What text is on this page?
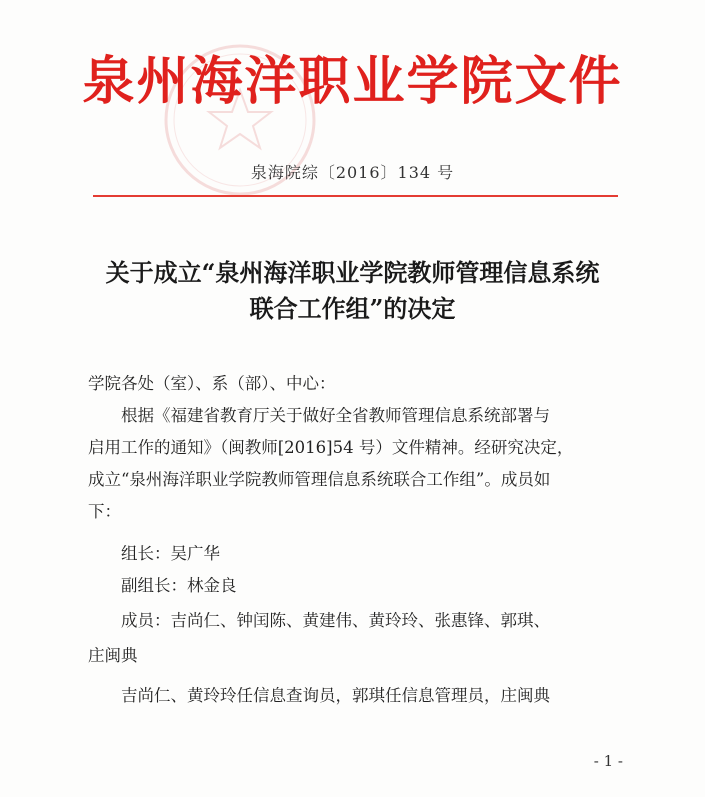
泉州海洋职业学院文件
泉海院综〔2016〕134 号
关于成立“泉州海洋职业学院教师管理信息系统
联合工作组”的决定
学院各处（室）、系（部）、中心：
根据《福建省教育厅关于做好全省教师管理信息系统部署与
启用工作的通知》（闽教师[2016]54 号）文件精神。经研究决定，
成立“泉州海洋职业学院教师管理信息系统联合工作组”。成员如
下：
组长：吴广华
副组长：林金良
成员：吉尚仁、钟闰陈、黄建伟、黄玲玲、张惠锋、郭琪、
庄闽典
吉尚仁、黄玲玲任信息查询员，郭琪任信息管理员，庄闽典
- 1 -
